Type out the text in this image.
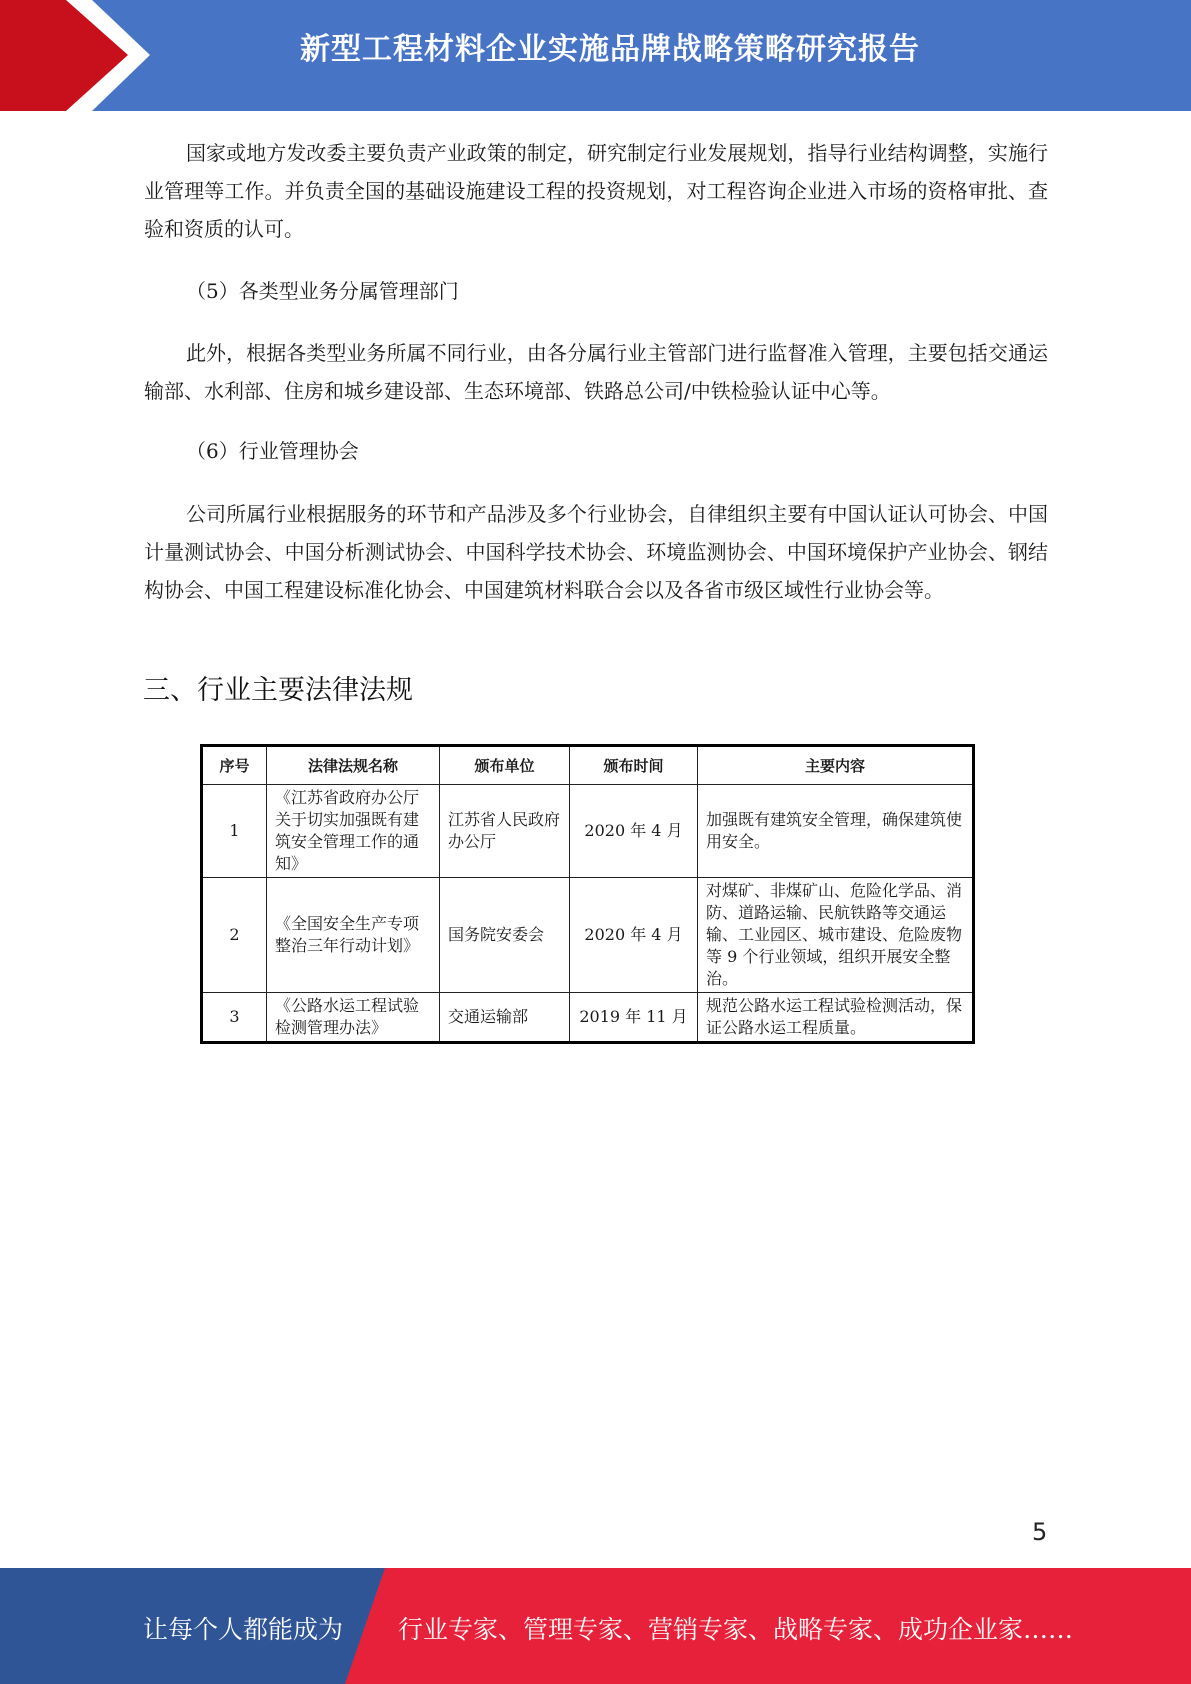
新型工程材料企业实施品牌战略策略研究报告

国家或地方发改委主要负责产业政策的制定，研究制定行业发展规划，指导行业结构调整，实施行业管理等工作。并负责全国的基础设施建设工程的投资规划，对工程咨询企业进入市场的资格审批、查验和资质的认可。

（5）各类型业务分属管理部门

此外，根据各类型业务所属不同行业，由各分属行业主管部门进行监督准入管理，主要包括交通运输部、水利部、住房和城乡建设部、生态环境部、铁路总公司/中铁检验认证中心等。

（6）行业管理协会

公司所属行业根据服务的环节和产品涉及多个行业协会，自律组织主要有中国认证认可协会、中国计量测试协会、中国分析测试协会、中国科学技术协会、环境监测协会、中国环境保护产业协会、钢结构协会、中国工程建设标准化协会、中国建筑材料联合会以及各省市级区域性行业协会等。

三、行业主要法律法规
序号	法律法规名称	颁布单位	颁布时间	主要内容
1	《江苏省政府办公厅关于切实加强既有建筑安全管理工作的通知》	江苏省人民政府办公厅	2020 年 4 月	加强既有建筑安全管理，确保建筑使用安全。
2	《全国安全生产专项整治三年行动计划》	国务院安委会	2020 年 4 月	对煤矿、非煤矿山、危险化学品、消防、道路运输、民航铁路等交通运输、工业园区、城市建设、危险废物等 9 个行业领域，组织开展安全整治。
3	《公路水运工程试验检测管理办法》	交通运输部	2019 年 11 月	规范公路水运工程试验检测活动，保证公路水运工程质量。
5
让每个人都能成为 行业专家、管理专家、营销专家、战略专家、成功企业家……
